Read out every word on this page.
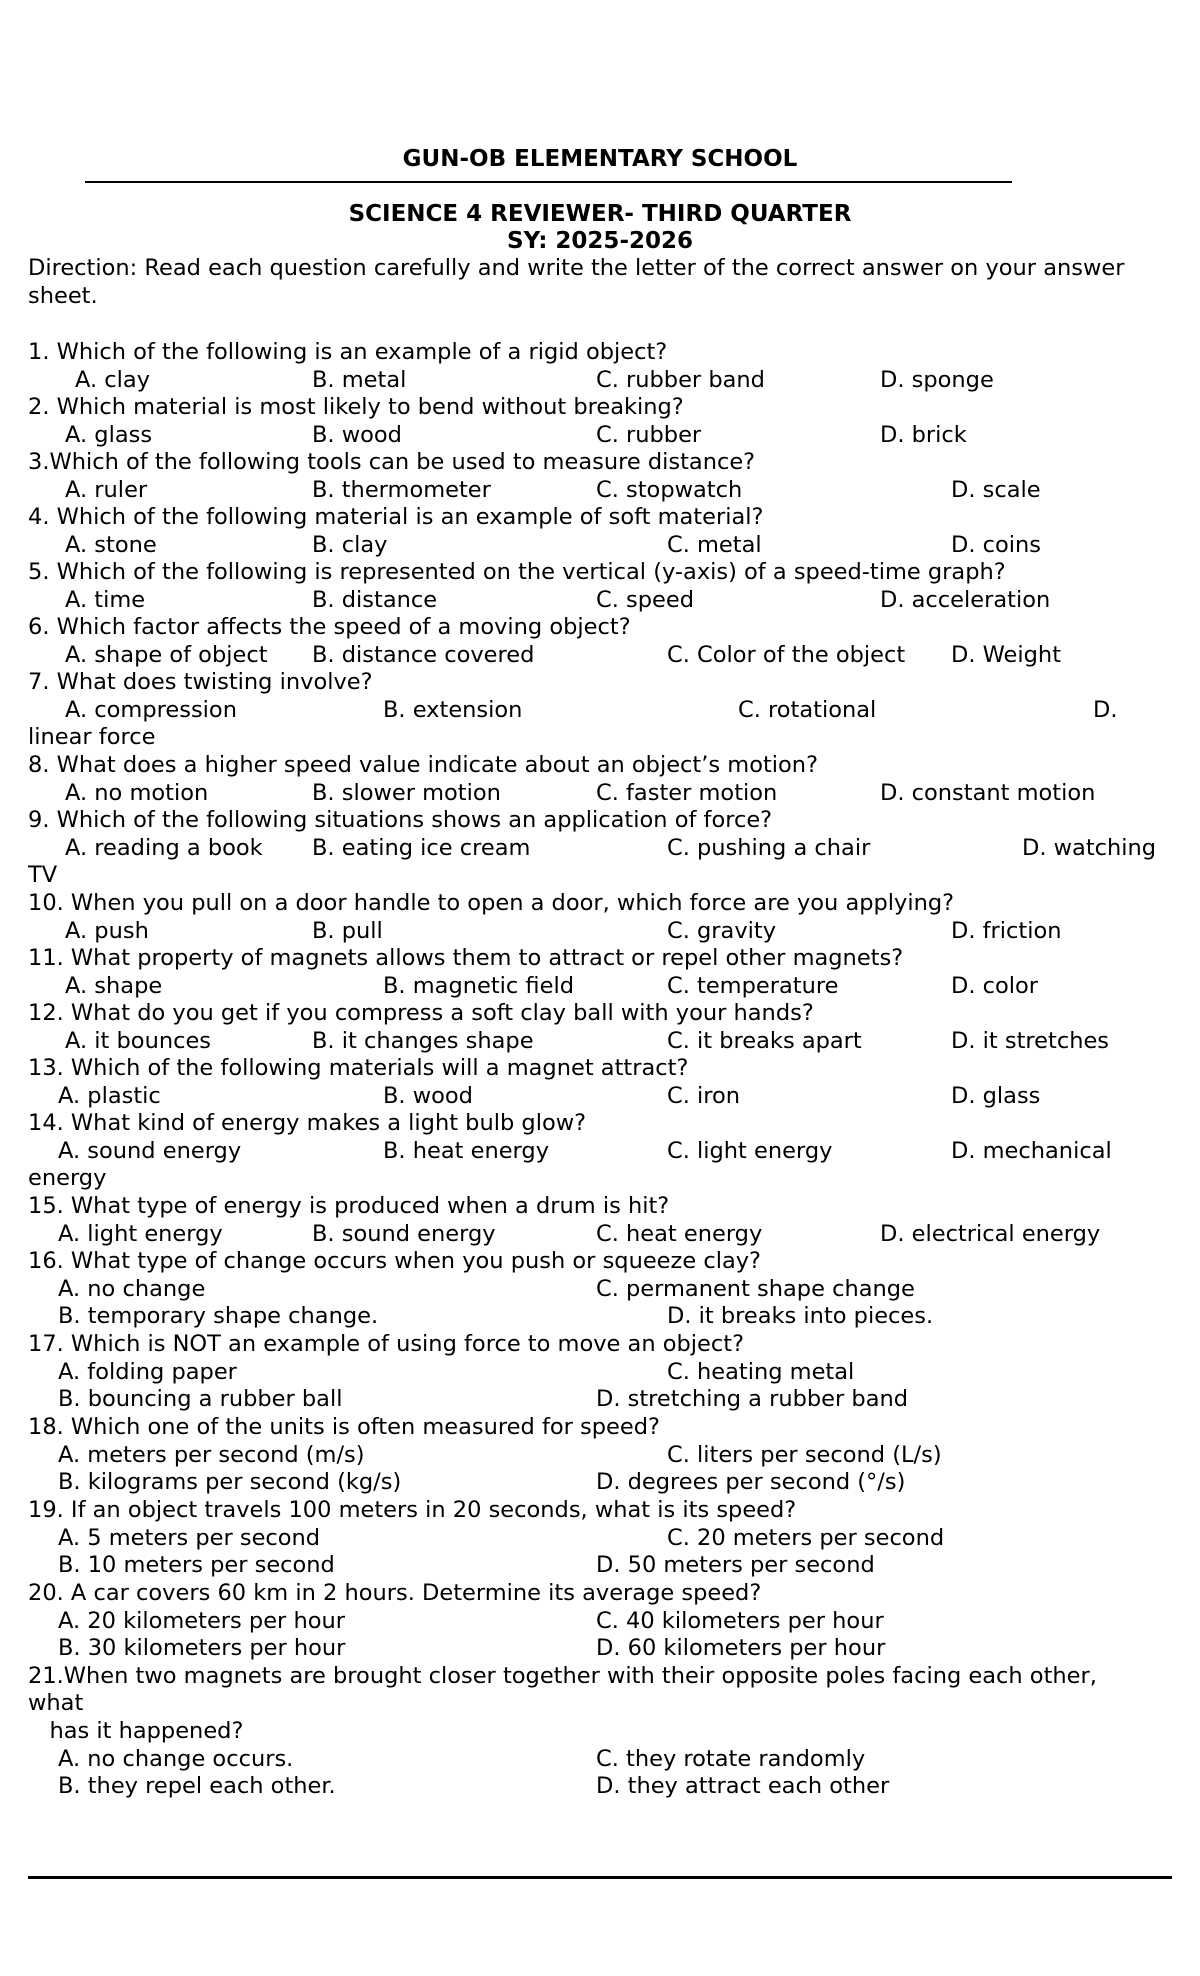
GUN-OB ELEMENTARY SCHOOL
SCIENCE 4 REVIEWER- THIRD QUARTER
SY: 2025-2026
Direction: Read each question carefully and write the letter of the correct answer on your answer sheet.
1. Which of the following is an example of a rigid object?
A. clay	B. metal	C. rubber band	D. sponge
2. Which material is most likely to bend without breaking?
A. glass	B. wood	C. rubber	D. brick
3.Which of the following tools can be used to measure distance?
A. ruler	B. thermometer	C. stopwatch	D. scale
4. Which of the following material is an example of soft material?
A. stone	B. clay	C. metal	D. coins
5. Which of the following is represented on the vertical (y-axis) of a speed-time graph?
A. time	B. distance	C. speed	D. acceleration
6. Which factor affects the speed of a moving object?
A. shape of object B. distance covered	C. Color of the object D. Weight
7. What does twisting involve?
A. compression	B. extension	C. rotational	D.
linear force
8. What does a higher speed value indicate about an object’s motion?
A. no motion	B. slower motion	C. faster motion	D. constant motion
9. Which of the following situations shows an application of force?
A. reading a book B. eating ice cream	C. pushing a chair	D. watching
TV
10. When you pull on a door handle to open a door, which force are you applying?
A. push	B. pull	C. gravity	D. friction
11. What property of magnets allows them to attract or repel other magnets?
A. shape	B. magnetic field	C. temperature	D. color
12. What do you get if you compress a soft clay ball with your hands?
A. it bounces	B. it changes shape	C. it breaks apart	D. it stretches
13. Which of the following materials will a magnet attract?
A. plastic	B. wood	C. iron	D. glass
14. What kind of energy makes a light bulb glow?
A. sound energy	B. heat energy	C. light energy	D. mechanical
energy
15. What type of energy is produced when a drum is hit?
A. light energy	B. sound energy	C. heat energy	D. electrical energy
16. What type of change occurs when you push or squeeze clay?
A. no change	C. permanent shape change
B. temporary shape change.	D. it breaks into pieces.
17. Which is NOT an example of using force to move an object?
A. folding paper	C. heating metal
B. bouncing a rubber ball	D. stretching a rubber band
18. Which one of the units is often measured for speed?
A. meters per second (m/s)	C. liters per second (L/s)
B. kilograms per second (kg/s)	D. degrees per second (°/s)
19. If an object travels 100 meters in 20 seconds, what is its speed?
A. 5 meters per second	C. 20 meters per second
B. 10 meters per second	D. 50 meters per second
20. A car covers 60 km in 2 hours. Determine its average speed?
A. 20 kilometers per hour	C. 40 kilometers per hour
B. 30 kilometers per hour	D. 60 kilometers per hour
21.When two magnets are brought closer together with their opposite poles facing each other,
what
has it happened?
A. no change occurs.	C. they rotate randomly
B. they repel each other.	D. they attract each other
